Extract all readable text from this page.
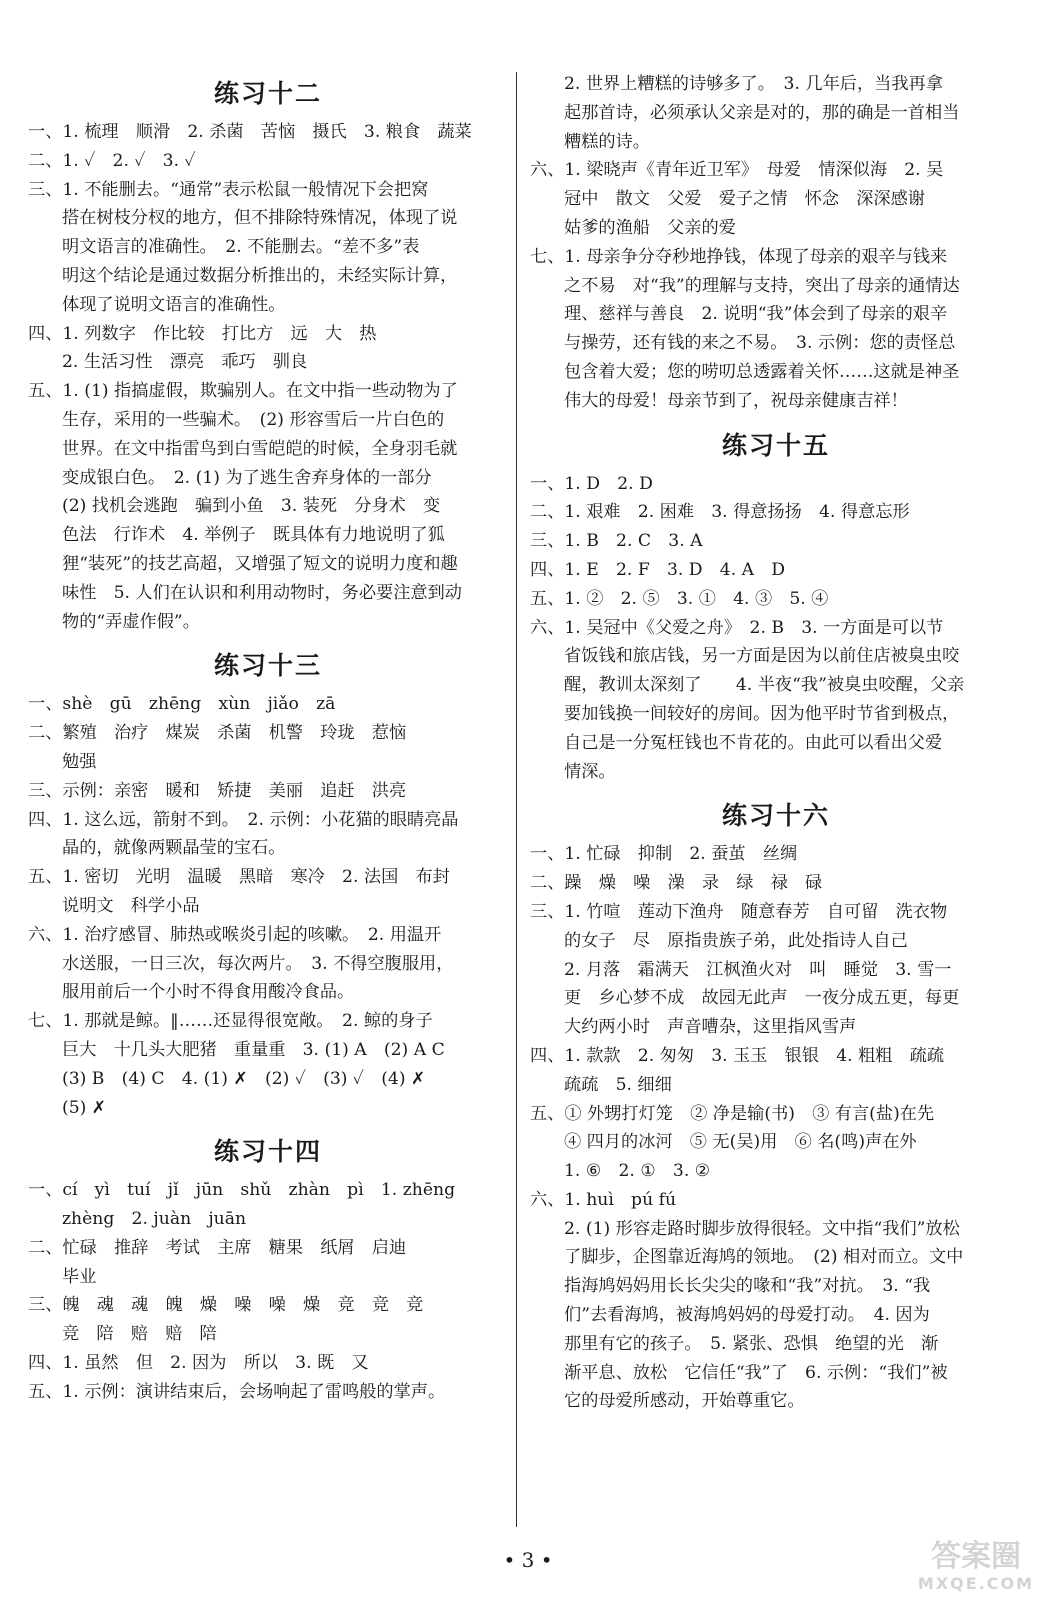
练习十二
一、1. 梳理　顺滑　2. 杀菌　苦恼　摄氏　3. 粮食　蔬菜
二、1. ✓　2. ✓　3. ✓
三、1. 不能删去。“通常”表示松鼠一般情况下会把窝
搭在树枝分杈的地方，但不排除特殊情况，体现了说
明文语言的准确性。　2. 不能删去。“差不多”表
明这个结论是通过数据分析推出的，未经实际计算，
体现了说明文语言的准确性。
四、1. 列数字　作比较　打比方　远　大　热
2. 生活习性　漂亮　乖巧　驯良
五、1. (1) 指搞虚假，欺骗别人。在文中指一些动物为了
生存，采用的一些骗术。　(2) 形容雪后一片白色的
世界。在文中指雷鸟到白雪皑皑的时候，全身羽毛就
变成银白色。　2. (1) 为了逃生舍弃身体的一部分
(2) 找机会逃跑　骗到小鱼　3. 装死　分身术　变
色法　行诈术　4. 举例子　既具体有力地说明了狐
狸“装死”的技艺高超，又增强了短文的说明力度和趣
味性　5. 人们在认识和利用动物时，务必要注意到动
物的“弄虚作假”。
练习十三
一、shè　gū　zhēng　xùn　jiǎo　zā
二、繁殖　治疗　煤炭　杀菌　机警　玲珑　惹恼
勉强
三、示例：亲密　暖和　矫捷　美丽　追赶　洪亮
四、1. 这么远，箭射不到。　2. 示例：小花猫的眼睛亮晶
晶的，就像两颗晶莹的宝石。
五、1. 密切　光明　温暖　黑暗　寒冷　2. 法国　布封
说明文　科学小品
六、1. 治疗感冒、肺热或喉炎引起的咳嗽。　2. 用温开
水送服，一日三次，每次两片。　3. 不得空腹服用，
服用前后一个小时不得食用酸冷食品。
七、1. 那就是鲸。‖……还显得很宽敞。　2. 鲸的身子
巨大　十几头大肥猪　重量重　3. (1) A　(2) A C
(3) B　(4) C　4. (1) ✗　(2) ✓　(3) ✓　(4) ✗
(5) ✗
练习十四
一、cí　yì　tuí　jǐ　jūn　shǔ　zhàn　pì　1. zhēng
zhèng　2. juàn　juān
二、忙碌　推辞　考试　主席　糖果　纸屑　启迪
毕业
三、魄　魂　魂　魄　燥　噪　噪　燥　竞　竞　竞
竞　陪　赔　赔　陪
四、1. 虽然　但　2. 因为　所以　3. 既　又
五、1. 示例：演讲结束后，会场响起了雷鸣般的掌声。
2. 世界上糟糕的诗够多了。　3. 几年后，当我再拿
起那首诗，必须承认父亲是对的，那的确是一首相当
糟糕的诗。
六、1. 梁晓声《青年近卫军》　母爱　情深似海　2. 吴
冠中　散文　父爱　爱子之情　怀念　深深感谢
姑爹的渔船　父亲的爱
七、1. 母亲争分夺秒地挣钱，体现了母亲的艰辛与钱来
之不易　对“我”的理解与支持，突出了母亲的通情达
理、慈祥与善良　2. 说明“我”体会到了母亲的艰辛
与操劳，还有钱的来之不易。　3. 示例：您的责怪总
包含着大爱；您的唠叨总透露着关怀……这就是神圣
伟大的母爱！母亲节到了，祝母亲健康吉祥！
练习十五
一、1. D　2. D
二、1. 艰难　2. 困难　3. 得意扬扬　4. 得意忘形
三、1. B　2. C　3. A
四、1. E　2. F　3. D　4. A　D
五、1. ②　2. ⑤　3. ①　4. ③　5. ④
六、1. 吴冠中《父爱之舟》　2. B　3. 一方面是可以节
省饭钱和旅店钱，另一方面是因为以前住店被臭虫咬
醒，教训太深刻了　　4. 半夜“我”被臭虫咬醒，父亲
要加钱换一间较好的房间。因为他平时节省到极点，
自己是一分冤枉钱也不肯花的。由此可以看出父爱
情深。
练习十六
一、1. 忙碌　抑制　2. 蚕茧　丝绸
二、躁　燥　噪　澡　录　绿　禄　碌
三、1. 竹喧　莲动下渔舟　随意春芳　自可留　洗衣物
的女子　尽　原指贵族子弟，此处指诗人自己
2. 月落　霜满天　江枫渔火对　叫　睡觉　3. 雪一
更　乡心梦不成　故园无此声　一夜分成五更，每更
大约两小时　声音嘈杂，这里指风雪声
四、1. 款款　2. 匆匆　3. 玉玉　银银　4. 粗粗　疏疏
疏疏　5. 细细
五、① 外甥打灯笼　② 净是输(书)　③ 有言(盐)在先
④ 四月的冰河　⑤ 无(吴)用　⑥ 名(鸣)声在外
1. ⑥　2. ①　3. ②
六、1. huì　pú fú
2. (1) 形容走路时脚步放得很轻。文中指“我们”放松
了脚步，企图靠近海鸠的领地。　(2) 相对而立。文中
指海鸠妈妈用长长尖尖的喙和“我”对抗。　3. “我
们”去看海鸠，被海鸠妈妈的母爱打动。　4. 因为
那里有它的孩子。　5. 紧张、恐惧　绝望的光　渐
渐平息、放松　它信任“我”了　6. 示例：“我们”被
它的母爱所感动，开始尊重它。
• 3 •	答案圈
MXQE.COM
